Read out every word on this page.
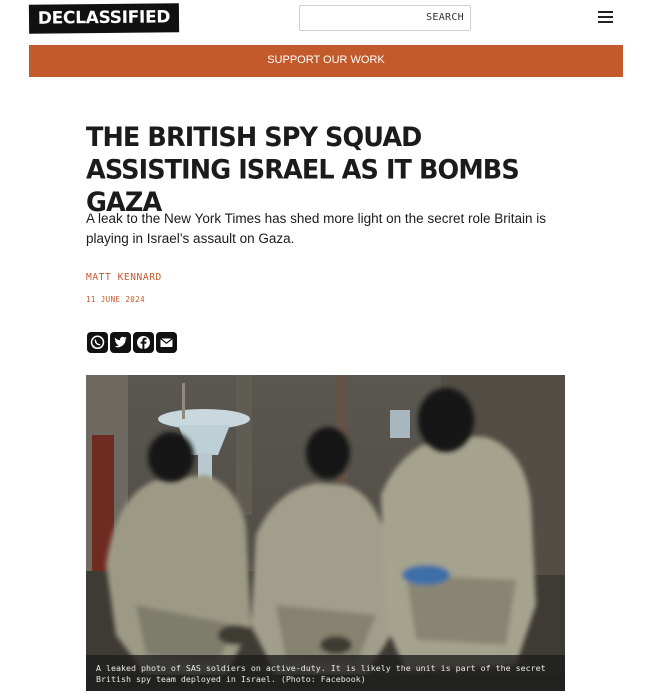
DECLASSIFIED	SEARCH
SUPPORT OUR WORK
THE BRITISH SPY SQUAD ASSISTING ISRAEL AS IT BOMBS GAZA

A leak to the New York Times has shed more light on the secret role Britain is playing in Israel’s assault on Gaza.

MATT KENNARD
11 JUNE 2024
A leaked photo of SAS soldiers on active-duty. It is likely the unit is part of the secret British spy team deployed in Israel. (Photo: Facebook)
